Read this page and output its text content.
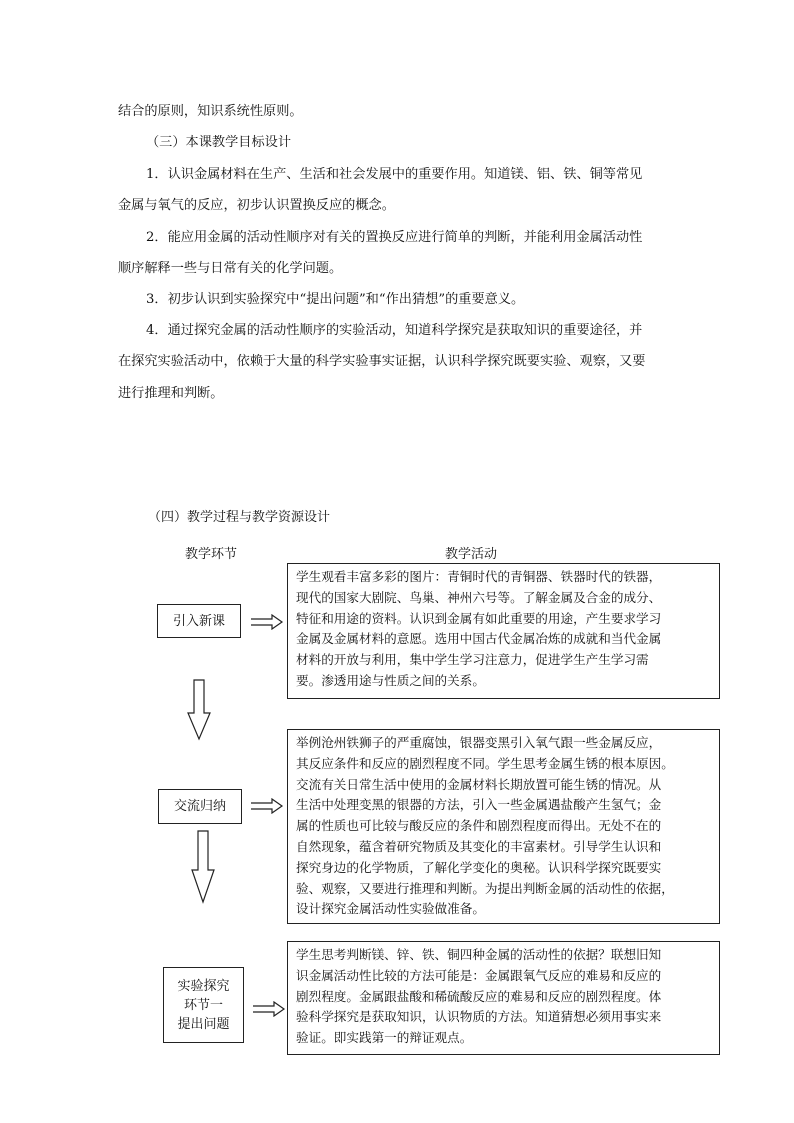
结合的原则，知识系统性原则。
（三）本课教学目标设计
1．认识金属材料在生产、生活和社会发展中的重要作用。知道镁、铝、铁、铜等常见
金属与氧气的反应，初步认识置换反应的概念。
2．能应用金属的活动性顺序对有关的置换反应进行简单的判断，并能利用金属活动性
顺序解释一些与日常有关的化学问题。
3．初步认识到实验探究中“提出问题”和“作出猜想”的重要意义。
4．通过探究金属的活动性顺序的实验活动，知道科学探究是获取知识的重要途径，并
在探究实验活动中，依赖于大量的科学实验事实证据，认识科学探究既要实验、观察，又要
进行推理和判断。
（四）教学过程与教学资源设计
教学环节	教学活动
引入新课
学生观看丰富多彩的图片：青铜时代的青铜器、铁器时代的铁器，
现代的国家大剧院、鸟巢、神州六号等。了解金属及合金的成分、
特征和用途的资料。认识到金属有如此重要的用途，产生要求学习
金属及金属材料的意愿。选用中国古代金属冶炼的成就和当代金属
材料的开放与利用，集中学生学习注意力，促进学生产生学习需
要。渗透用途与性质之间的关系。
交流归纳
举例沧州铁狮子的严重腐蚀，银器变黑引入氧气跟一些金属反应，
其反应条件和反应的剧烈程度不同。学生思考金属生锈的根本原因。
交流有关日常生活中使用的金属材料长期放置可能生锈的情况。从
生活中处理变黑的银器的方法，引入一些金属遇盐酸产生氢气；金
属的性质也可比较与酸反应的条件和剧烈程度而得出。无处不在的
自然现象，蕴含着研究物质及其变化的丰富素材。引导学生认识和
探究身边的化学物质，了解化学变化的奥秘。认识科学探究既要实
验、观察，又要进行推理和判断。为提出判断金属的活动性的依据，
设计探究金属活动性实验做准备。
实验探究
环节一
提出问题
学生思考判断镁、锌、铁、铜四种金属的活动性的依据？联想旧知
识金属活动性比较的方法可能是：金属跟氧气反应的难易和反应的
剧烈程度。金属跟盐酸和稀硫酸反应的难易和反应的剧烈程度。体
验科学探究是获取知识，认识物质的方法。知道猜想必须用事实来
验证。即实践第一的辩证观点。
